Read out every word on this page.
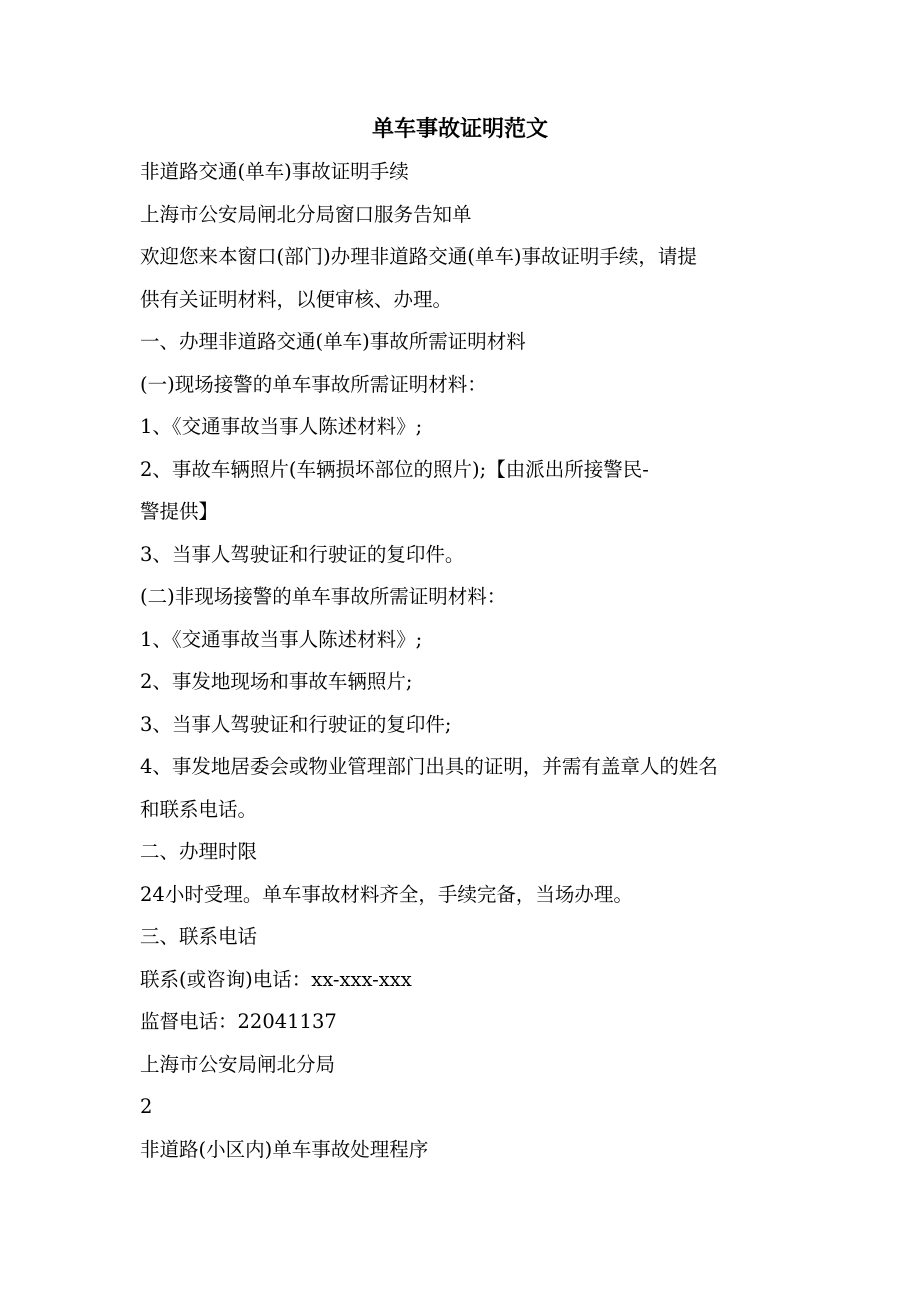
单车事故证明范文
非道路交通(单车)事故证明手续
上海市公安局闸北分局窗口服务告知单
欢迎您来本窗口(部门)办理非道路交通(单车)事故证明手续，请提
供有关证明材料，以便审核、办理。
一、办理非道路交通(单车)事故所需证明材料
(一)现场接警的单车事故所需证明材料：
1、《交通事故当事人陈述材料》;
2、事故车辆照片(车辆损坏部位的照片);【由派出所接警民-
警提供】
3、当事人驾驶证和行驶证的复印件。
(二)非现场接警的单车事故所需证明材料：
1、《交通事故当事人陈述材料》;
2、事发地现场和事故车辆照片;
3、当事人驾驶证和行驶证的复印件;
4、事发地居委会或物业管理部门出具的证明，并需有盖章人的姓名
和联系电话。
二、办理时限
24小时受理。单车事故材料齐全，手续完备，当场办理。
三、联系电话
联系(或咨询)电话：xx-xxx-xxx
监督电话：22041137
上海市公安局闸北分局
2
非道路(小区内)单车事故处理程序
